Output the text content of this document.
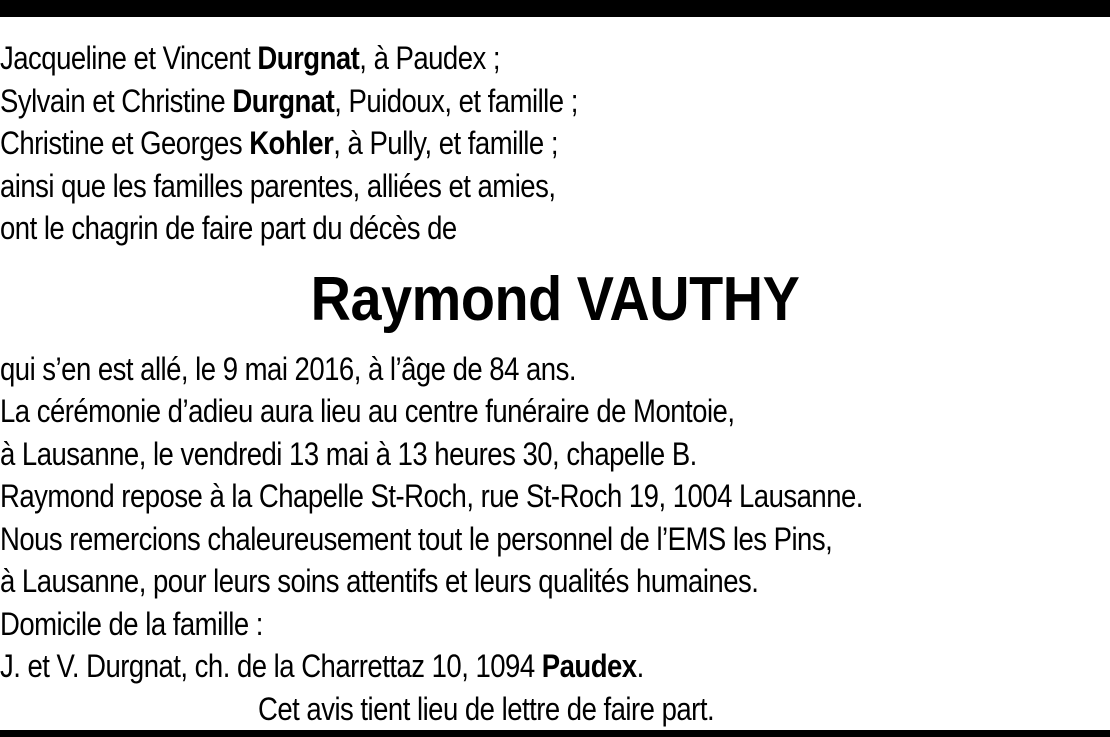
Jacqueline et Vincent Durgnat, à Paudex ;
Sylvain et Christine Durgnat, Puidoux, et famille ;
Christine et Georges Kohler, à Pully, et famille ;
ainsi que les familles parentes, alliées et amies,
ont le chagrin de faire part du décès de
Raymond VAUTHY
qui s’en est allé, le 9 mai 2016, à l’âge de 84 ans.
La cérémonie d’adieu aura lieu au centre funéraire de Montoie,
à Lausanne, le vendredi 13 mai à 13 heures 30, chapelle B.
Raymond repose à la Chapelle St-Roch, rue St-Roch 19, 1004 Lausanne.
Nous remercions chaleureusement tout le personnel de l’EMS les Pins,
à Lausanne, pour leurs soins attentifs et leurs qualités humaines.
Domicile de la famille :
J. et V. Durgnat, ch. de la Charrettaz 10, 1094 Paudex.
Cet avis tient lieu de lettre de faire part.
